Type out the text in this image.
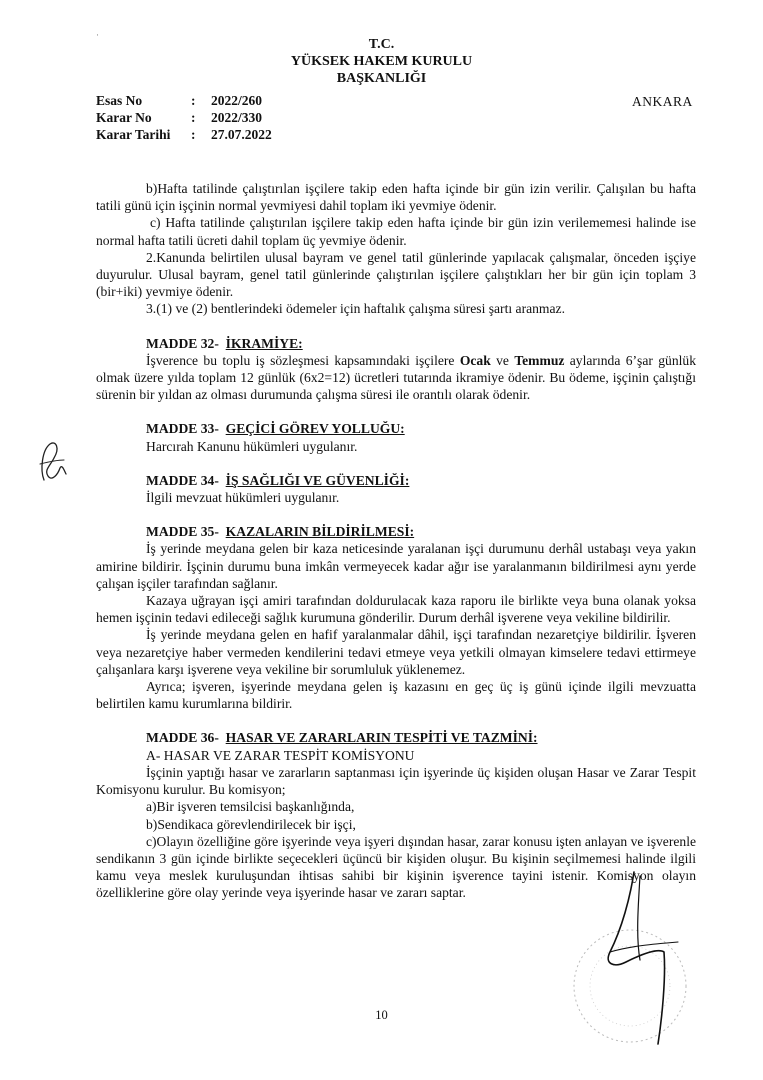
·
T.C.
YÜKSEK HAKEM KURULU
BAŞKANLIĞI
Esas No	:	2022/260
Karar No	:	2022/330
Karar Tarihi	:	27.07.2022
ANKARA

b)Hafta tatilinde çalıştırılan işçilere takip eden hafta içinde bir gün izin verilir. Çalışılan bu hafta tatili günü için işçinin normal yevmiyesi dahil toplam iki yevmiye ödenir.

c) Hafta tatilinde çalıştırılan işçilere takip eden hafta içinde bir gün izin verilememesi halinde ise normal hafta tatili ücreti dahil toplam üç yevmiye ödenir.

2.Kanunda belirtilen ulusal bayram ve genel tatil günlerinde yapılacak çalışmalar, önceden işçiye duyurulur. Ulusal bayram, genel tatil günlerinde çalıştırılan işçilere çalıştıkları her bir gün için toplam 3 (bir+iki) yevmiye ödenir.

3.(1) ve (2) bentlerindeki ödemeler için haftalık çalışma süresi şartı aranmaz.

MADDE 32- İKRAMİYE:

İşverence bu toplu iş sözleşmesi kapsamındaki işçilere Ocak ve Temmuz aylarında 6’şar günlük olmak üzere yılda toplam 12 günlük (6x2=12) ücretleri tutarında ikramiye ödenir. Bu ödeme, işçinin çalıştığı sürenin bir yıldan az olması durumunda çalışma süresi ile orantılı olarak ödenir.

MADDE 33- GEÇİCİ GÖREV YOLLUĞU:

Harcırah Kanunu hükümleri uygulanır.

MADDE 34- İŞ SAĞLIĞI VE GÜVENLİĞİ:

İlgili mevzuat hükümleri uygulanır.

MADDE 35- KAZALARIN BİLDİRİLMESİ:

İş yerinde meydana gelen bir kaza neticesinde yaralanan işçi durumunu derhâl ustabaşı veya yakın amirine bildirir. İşçinin durumu buna imkân vermeyecek kadar ağır ise yaralanmanın bildirilmesi aynı yerde çalışan işçiler tarafından sağlanır.

Kazaya uğrayan işçi amiri tarafından doldurulacak kaza raporu ile birlikte veya buna olanak yoksa hemen işçinin tedavi edileceği sağlık kurumuna gönderilir. Durum derhâl işverene veya vekiline bildirilir.

İş yerinde meydana gelen en hafif yaralanmalar dâhil, işçi tarafından nezaretçiye bildirilir. İşveren veya nezaretçiye haber vermeden kendilerini tedavi etmeye veya yetkili olmayan kimselere tedavi ettirmeye çalışanlara karşı işverene veya vekiline bir sorumluluk yüklenemez.

Ayrıca; işveren, işyerinde meydana gelen iş kazasını en geç üç iş günü içinde ilgili mevzuatta belirtilen kamu kurumlarına bildirir.

MADDE 36- HASAR VE ZARARLARIN TESPİTİ VE TAZMİNİ:

A- HASAR VE ZARAR TESPİT KOMİSYONU

İşçinin yaptığı hasar ve zararların saptanması için işyerinde üç kişiden oluşan Hasar ve Zarar Tespit Komisyonu kurulur. Bu komisyon;

a)Bir işveren temsilcisi başkanlığında,

b)Sendikaca görevlendirilecek bir işçi,

c)Olayın özelliğine göre işyerinde veya işyeri dışından hasar, zarar konusu işten anlayan ve işverenle sendikanın 3 gün içinde birlikte seçecekleri üçüncü bir kişiden oluşur. Bu kişinin seçilmemesi halinde ilgili kamu veya meslek kuruluşundan ihtisas sahibi bir kişinin işverence tayini istenir. Komisyon olayın özelliklerine göre olay yerinde veya işyerinde hasar ve zararı saptar.

10
